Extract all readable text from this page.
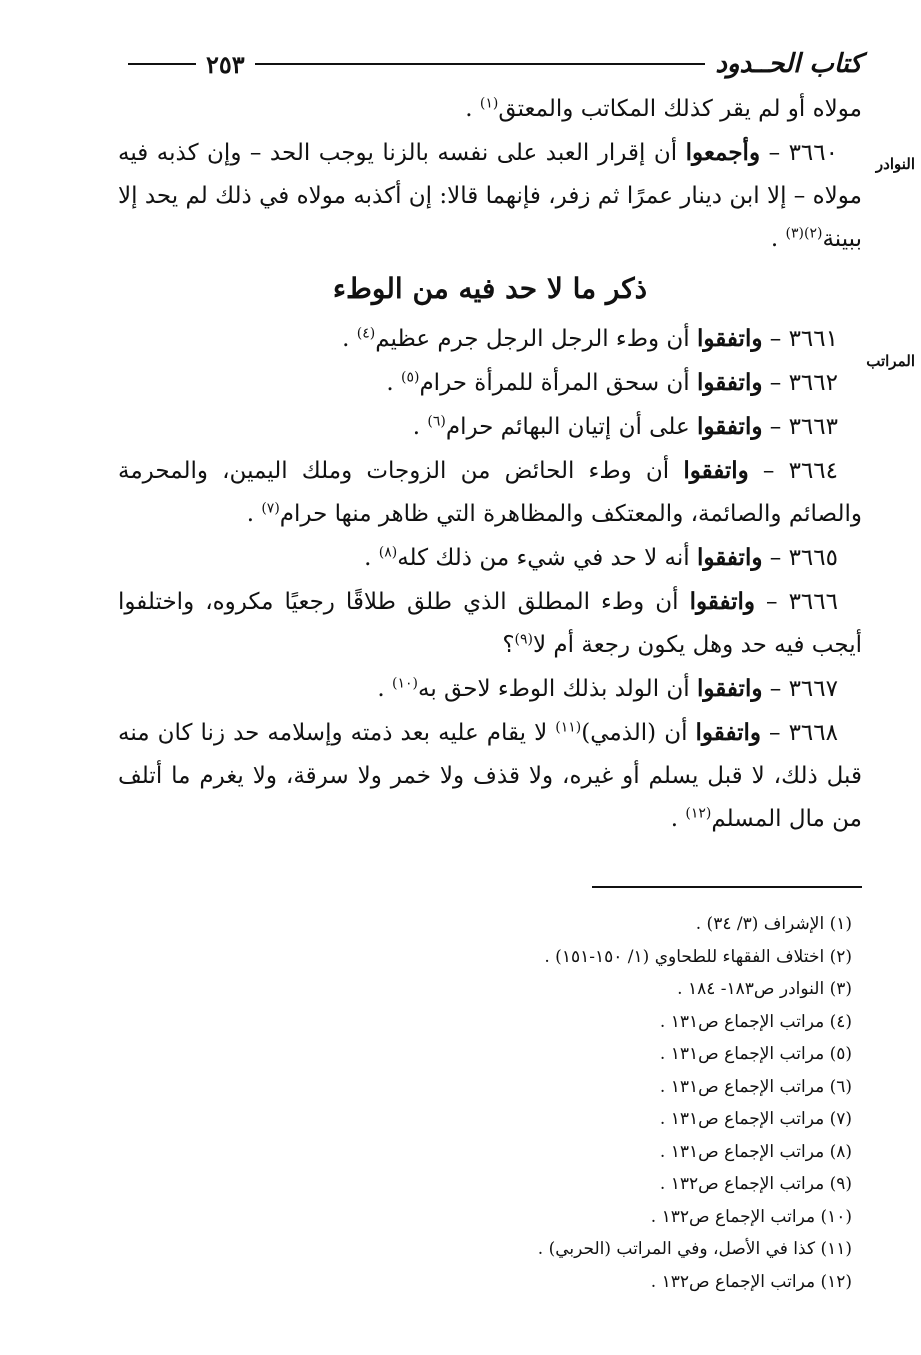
كتاب الحــدود
٢٥٣
النوادر
المراتب

مولاه أو لم يقر كذلك المكاتب والمعتق$^{(١)}$ .

٣٦٦٠ – وأجمعوا أن إقرار العبد على نفسه بالزنا يوجب الحد – وإن كذبه فيه مولاه – إلا ابن دينار عمرًا ثم زفر، فإنهما قالا: إن أكذبه مولاه في ذلك لم يحد إلا ببينة$^{(٢)(٣)}$ .

ذكر ما لا حد فيه من الوطء

٣٦٦١ – واتفقوا أن وطء الرجل الرجل جرم عظيم$^{(٤)}$ .

٣٦٦٢ – واتفقوا أن سحق المرأة للمرأة حرام$^{(٥)}$ .

٣٦٦٣ – واتفقوا على أن إتيان البهائم حرام$^{(٦)}$ .

٣٦٦٤ – واتفقوا أن وطء الحائض من الزوجات وملك اليمين، والمحرمة والصائم والصائمة، والمعتكف والمظاهرة التي ظاهر منها حرام$^{(٧)}$ .

٣٦٦٥ – واتفقوا أنه لا حد في شيء من ذلك كله$^{(٨)}$ .

٣٦٦٦ – واتفقوا أن وطء المطلق الذي طلق طلاقًا رجعيًا مكروه، واختلفوا أيجب فيه حد وهل يكون رجعة أم لا$^{(٩)}$؟

٣٦٦٧ – واتفقوا أن الولد بذلك الوطء لاحق به$^{(١٠)}$ .

٣٦٦٨ – واتفقوا أن (الذمي)$^{(١١)}$ لا يقام عليه بعد ذمته وإسلامه حد زنا كان منه قبل ذلك، لا قبل يسلم أو غيره، ولا قذف ولا خمر ولا سرقة، ولا يغرم ما أتلف من مال المسلم$^{(١٢)}$ .

(١) الإشراف (٣/ ٣٤) .
(٢) اختلاف الفقهاء للطحاوي (١/ ١٥٠-١٥١) .
(٣) النوادر ص١٨٣- ١٨٤ .
(٤) مراتب الإجماع ص١٣١ .
(٥) مراتب الإجماع ص١٣١ .
(٦) مراتب الإجماع ص١٣١ .
(٧) مراتب الإجماع ص١٣١ .
(٨) مراتب الإجماع ص١٣١ .
(٩) مراتب الإجماع ص١٣٢ .
(١٠) مراتب الإجماع ص١٣٢ .
(١١) كذا في الأصل، وفي المراتب (الحربي) .
(١٢) مراتب الإجماع ص١٣٢ .
